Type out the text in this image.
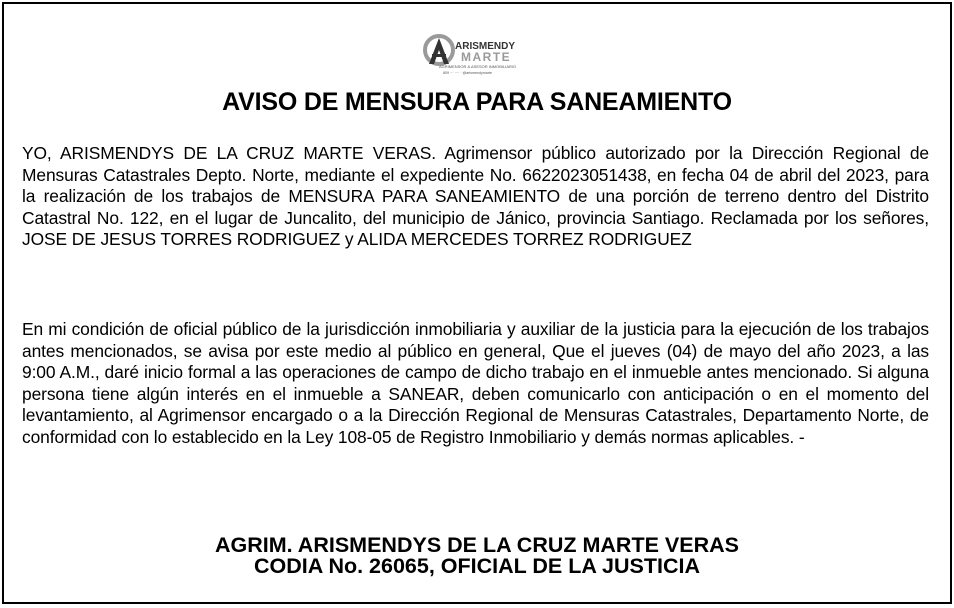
ARISMENDY
MARTE
AGRIMENSOR & ASESOR INMOBILIARIO
809 ··· ···· · @arismendymarte
AVISO DE MENSURA PARA SANEAMIENTO

YO, ARISMENDYS DE LA CRUZ MARTE VERAS. Agrimensor público autorizado por la Dirección Regional de Mensuras Catastrales Depto. Norte, mediante el expediente No. 6622023051438, en fecha 04 de abril del 2023, para la realización de los trabajos de MENSURA PARA SANEAMIENTO de una porción de terreno dentro del Distrito Catastral No. 122, en el lugar de Juncalito, del municipio de Jánico, provincia Santiago. Reclamada por los señores, JOSE DE JESUS TORRES RODRIGUEZ y ALIDA MERCEDES TORREZ RODRIGUEZ

En mi condición de oficial público de la jurisdicción inmobiliaria y auxiliar de la justicia para la ejecución de los trabajos antes mencionados, se avisa por este medio al público en general, Que el jueves (04) de mayo del año 2023, a las 9:00 A.M., daré inicio formal a las operaciones de campo de dicho trabajo en el inmueble antes mencionado. Si alguna persona tiene algún interés en el inmueble a SANEAR, deben comunicarlo con anticipación o en el momento del levantamiento, al Agrimensor encargado o a la Dirección Regional de Mensuras Catastrales, Departamento Norte, de conformidad con lo establecido en la Ley 108-05 de Registro Inmobiliario y demás normas aplicables. -

AGRIM. ARISMENDYS DE LA CRUZ MARTE VERAS
CODIA No. 26065, OFICIAL DE LA JUSTICIA
